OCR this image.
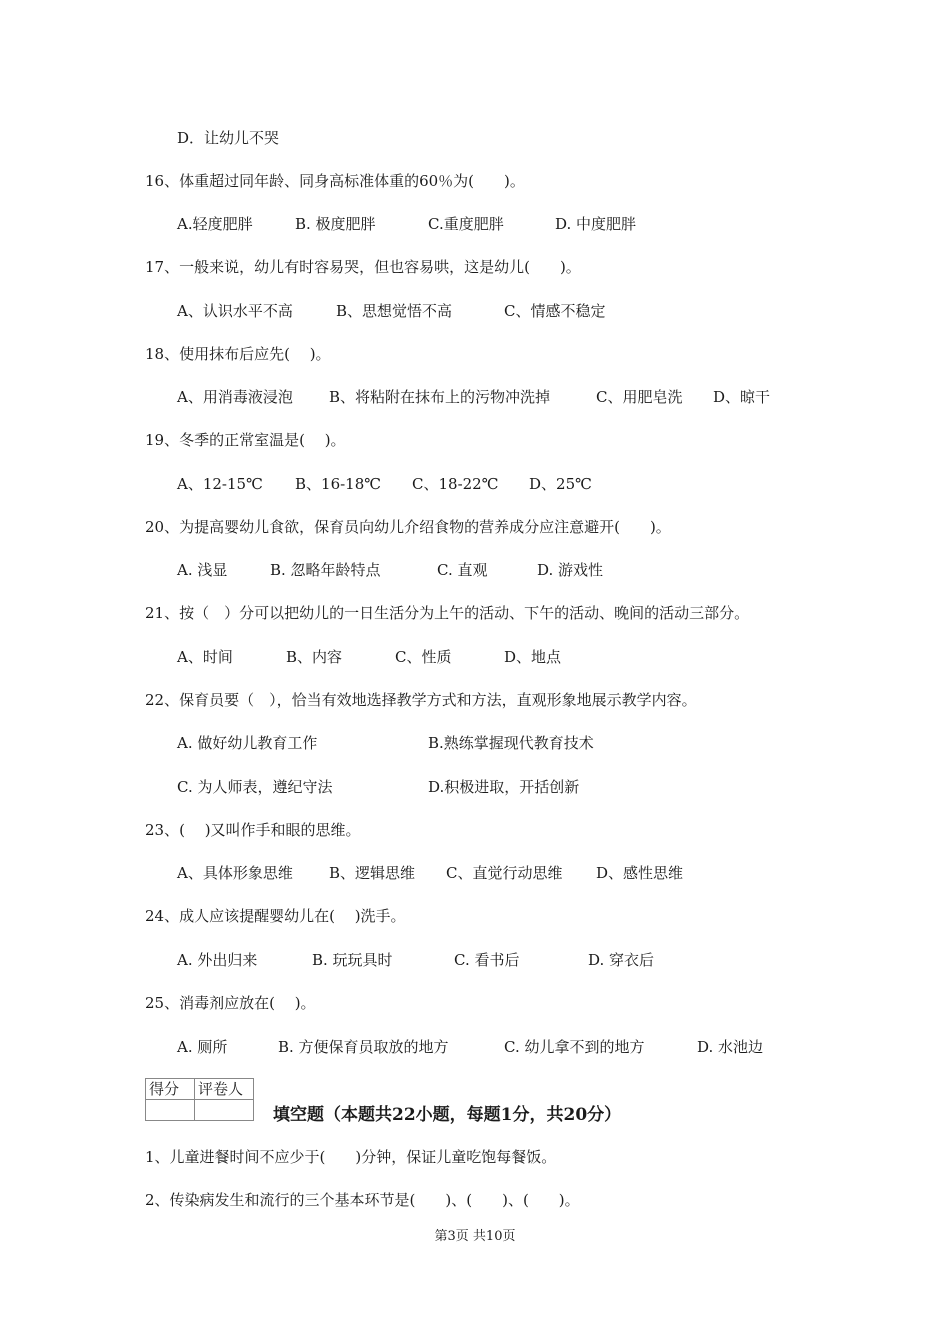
D．让幼儿不哭
16、体重超过同年龄、同身高标准体重的60％为(　　)。
A.轻度肥胖	B. 极度肥胖	C.重度肥胖	D. 中度肥胖
17、一般来说，幼儿有时容易哭，但也容易哄，这是幼儿(　　)。
A、认识水平不高	B、思想觉悟不高	C、情感不稳定
18、使用抹布后应先(　 )。
A、用消毒液浸泡 B、将粘附在抹布上的污物冲洗掉	C、用肥皂洗 D、晾干
19、冬季的正常室温是(　 )。
A、12-15℃ B、16-18℃ C、18-22℃ D、25℃
20、为提高婴幼儿食欲，保育员向幼儿介绍食物的营养成分应注意避开(　　)。
A. 浅显	B. 忽略年龄特点	C. 直观	D. 游戏性
21、按（　）分可以把幼儿的一日生活分为上午的活动、下午的活动、晚间的活动三部分。
A、时间	B、内容	C、性质	D、地点
22、保育员要（　），恰当有效地选择教学方式和方法，直观形象地展示教学内容。
A. 做好幼儿教育工作	B.熟练掌握现代教育技术
C. 为人师表，遵纪守法	D.积极进取，开括创新
23、(　 )又叫作手和眼的思维。
A、具体形象思维 B、逻辑思维 C、直觉行动思维 D、感性思维
24、成人应该提醒婴幼儿在(　 )洗手。
A. 外出归来	B. 玩玩具时	C. 看书后	D. 穿衣后
25、消毒剂应放在(　 )。
A. 厕所	B. 方便保育员取放的地方	C. 幼儿拿不到的地方	D. 水池边
得分	评卷人

填空题（本题共22小题，每题1分，共20分）
1、儿童进餐时间不应少于(　　)分钟，保证儿童吃饱每餐饭。
2、传染病发生和流行的三个基本环节是(　　)、(　　)、(　　)。
第3页 共10页
